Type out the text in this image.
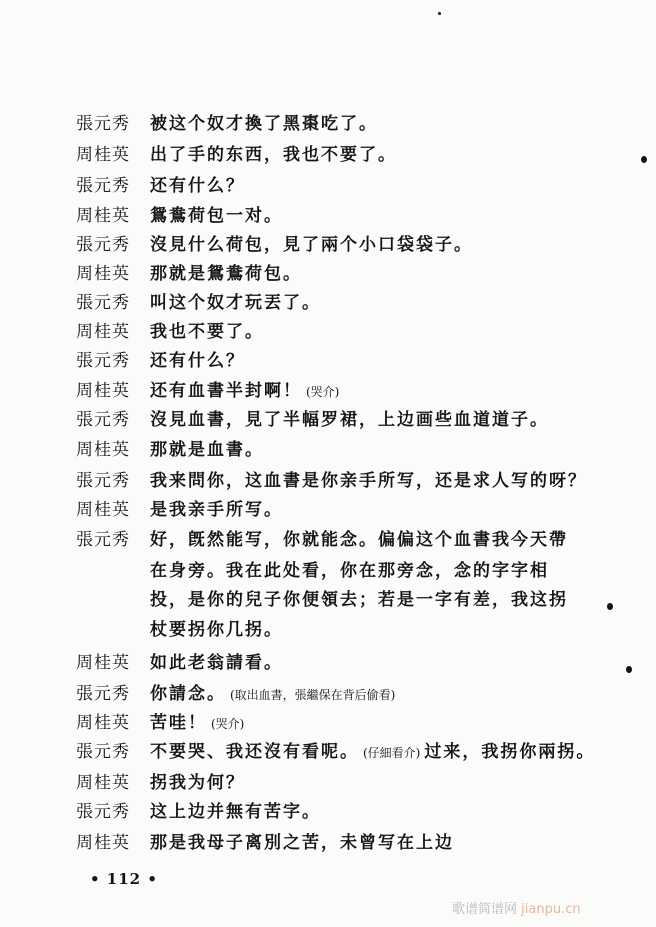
張元秀 被这个奴才換了黑棗吃了。
周桂英 出了手的东西，我也不要了。
張元秀 还有什么？
周桂英 鴛鴦荷包一对。
張元秀 沒見什么荷包，見了兩个小口袋袋子。
周桂英 那就是鴛鴦荷包。
張元秀 叫这个奴才玩丟了。
周桂英 我也不要了。
張元秀 还有什么？
周桂英 还有血書半封啊！ (哭介)
張元秀 沒見血書，見了半幅罗裙，上边画些血道道子。
周桂英 那就是血書。
張元秀 我来問你，这血書是你亲手所写，还是求人写的呀？
周桂英 是我亲手所写。
張元秀 好，旣然能写，你就能念。偏偏这个血書我今天帶
在身旁。我在此处看，你在那旁念，念的字字相
投，是你的兒子你便領去；若是一字有差，我这拐
杖要拐你几拐。
周桂英 如此老翁請看。
張元秀 你請念。 (取出血書，張繼保在背后偷看)
周桂英 苦哇！ (哭介)
張元秀 不要哭、我还沒有看呢。 (仔細看介) 过来，我拐你兩拐。
周桂英 拐我为何？
張元秀 这上边并無有苦字。
周桂英 那是我母子离別之苦，未曾写在上边
• 112 •
歌谱简谱网 jianpu.cn
